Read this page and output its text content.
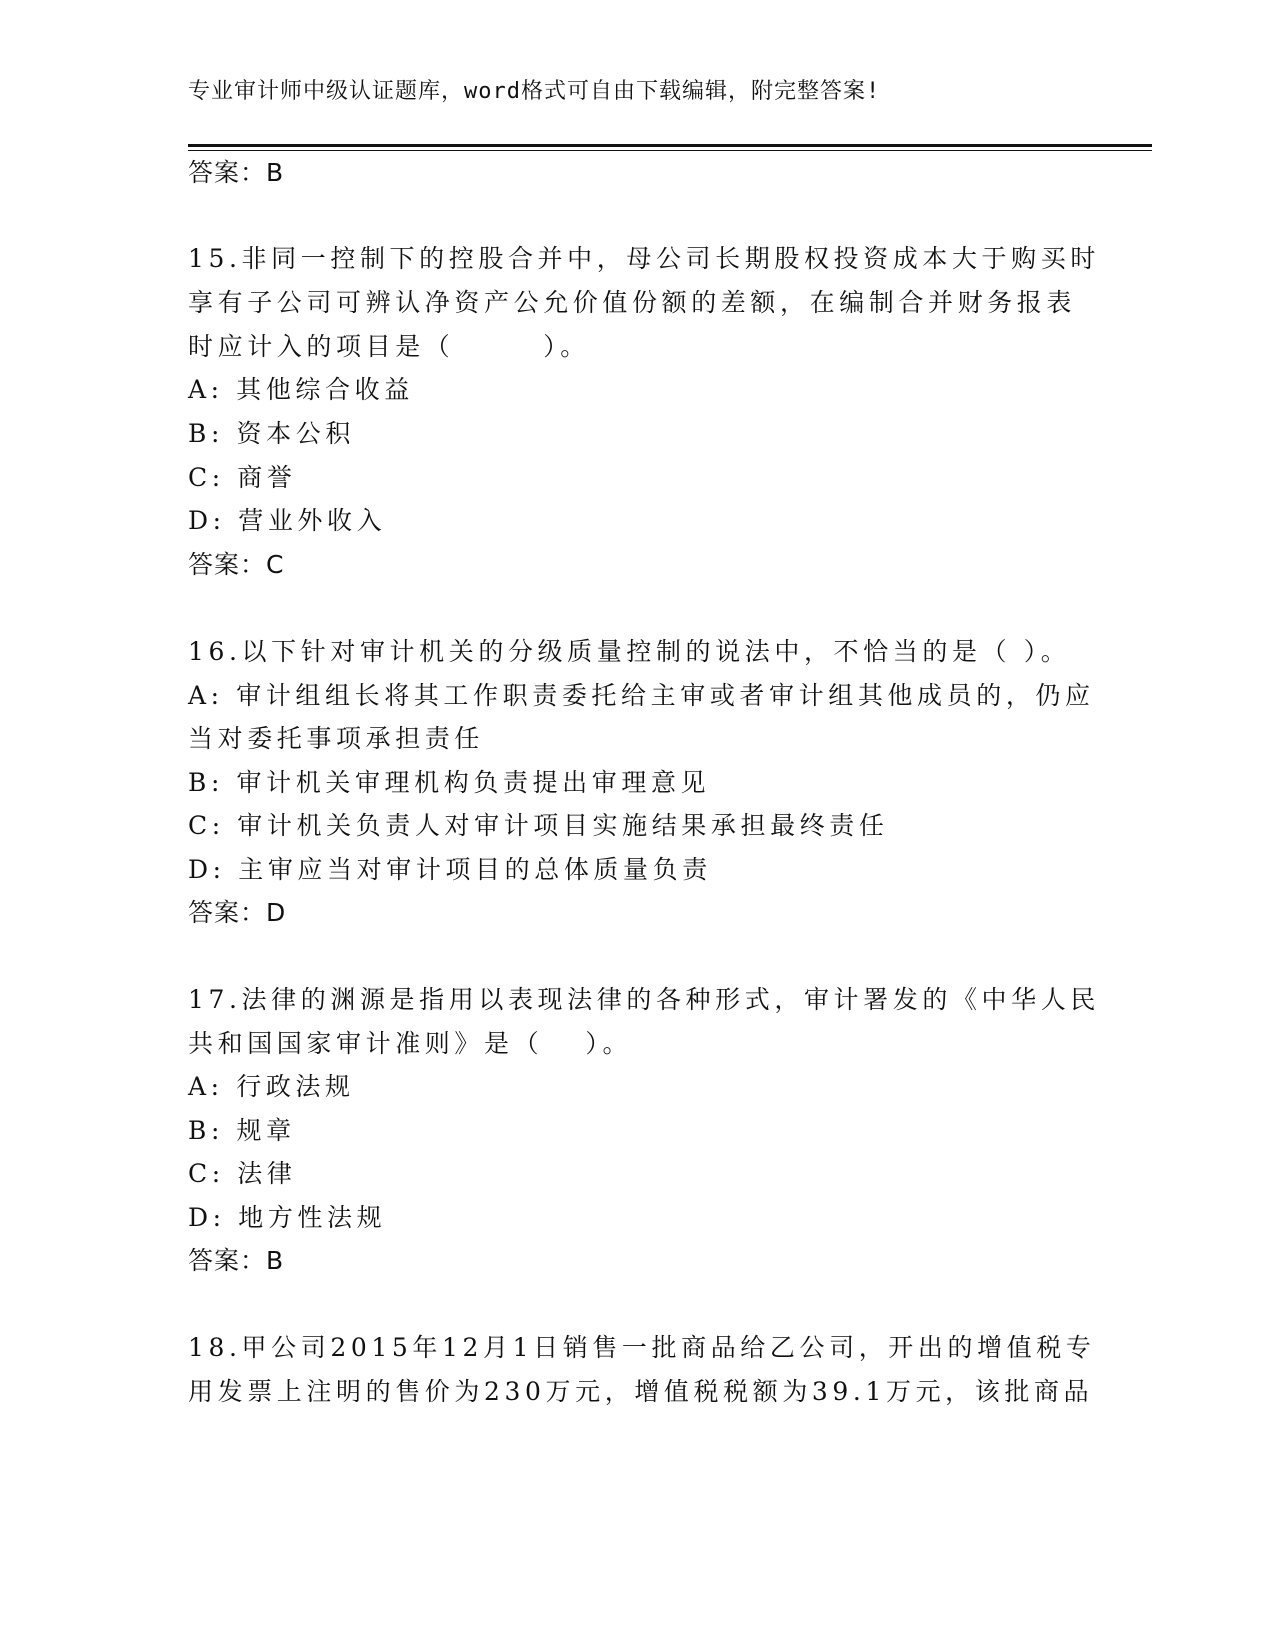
专业审计师中级认证题库，word格式可自由下载编辑，附完整答案!
答案：B
15.非同一控制下的控股合并中，母公司长期股权投资成本大于购买时
享有子公司可辨认净资产公允价值份额的差额，在编制合并财务报表
时应计入的项目是（　　　）。
A: 其他综合收益
B: 资本公积
C: 商誉
D: 营业外收入
答案：C
16.以下针对审计机关的分级质量控制的说法中，不恰当的是（ ）。
A: 审计组组长将其工作职责委托给主审或者审计组其他成员的，仍应
当对委托事项承担责任
B: 审计机关审理机构负责提出审理意见
C: 审计机关负责人对审计项目实施结果承担最终责任
D: 主审应当对审计项目的总体质量负责
答案：D
17.法律的渊源是指用以表现法律的各种形式，审计署发的《中华人民
共和国国家审计准则》是（　 ）。
A: 行政法规
B: 规章
C: 法律
D: 地方性法规
答案：B
18.甲公司2015年12月1日销售一批商品给乙公司，开出的增值税专
用发票上注明的售价为230万元，增值税税额为39.1万元，该批商品
